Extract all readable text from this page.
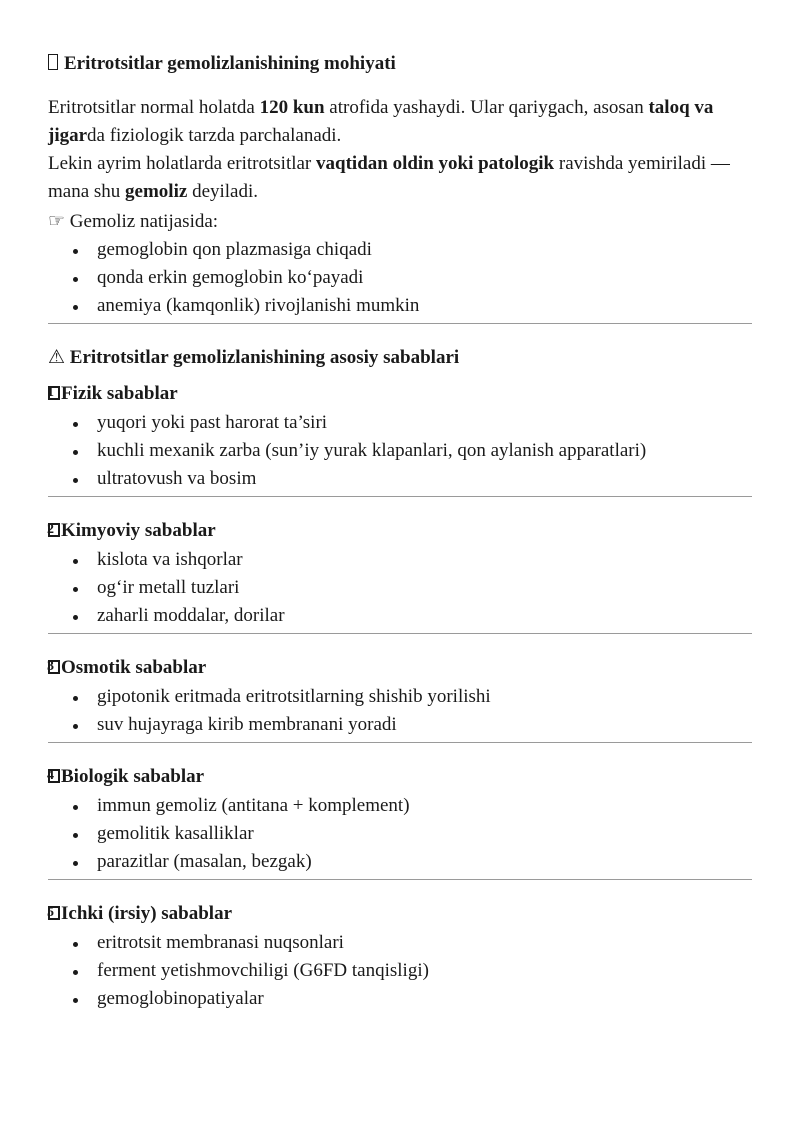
Eritrotsitlar gemolizlanishining mohiyati

Eritrotsitlar normal holatda 120 kun atrofida yashaydi. Ular qariygach, asosan taloq va jigarda fiziologik tarzda parchalanadi.

Lekin ayrim holatlarda eritrotsitlar vaqtidan oldin yoki patologik ravishda yemiriladi — mana shu gemoliz deyiladi.

☞ Gemoliz natijasida:

gemoglobin qon plazmasiga chiqadi
qonda erkin gemoglobin koʻpayadi
anemiya (kamqonlik) rivojlanishi mumkin
⚠ Eritrotsitlar gemolizlanishining asosiy sabablari
1 Fizik sabablar
yuqori yoki past harorat ta’siri
kuchli mexanik zarba (sun’iy yurak klapanlari, qon aylanish apparatlari)
ultratovush va bosim
2 Kimyoviy sabablar
kislota va ishqorlar
ogʻir metall tuzlari
zaharli moddalar, dorilar
3 Osmotik sabablar
gipotonik eritmada eritrotsitlarning shishib yorilishi
suv hujayraga kirib membranani yoradi
4 Biologik sabablar
immun gemoliz (antitana + komplement)
gemolitik kasalliklar
parazitlar (masalan, bezgak)
5 Ichki (irsiy) sabablar
eritrotsit membranasi nuqsonlari
ferment yetishmovchiligi (G6FD tanqisligi)
gemoglobinopatiyalar
